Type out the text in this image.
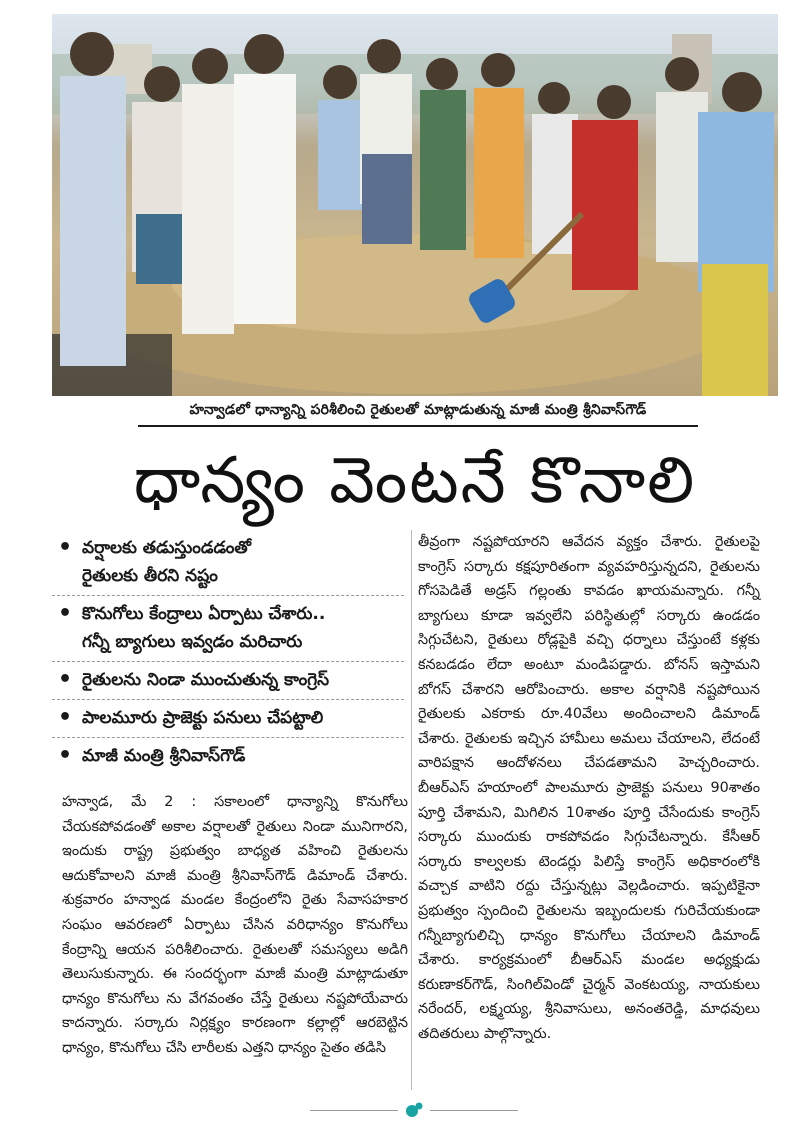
హన్వాడలో ధాన్యాన్ని పరిశీలించి రైతులతో మాట్లాడుతున్న మాజీ మంత్రి శ్రీనివాస్‌గౌడ్
ధాన్యం వెంటనే కొనాలి
• వర్షాలకు తడుస్తుండడంతో
రైతులకు తీరని నష్టం
• కొనుగోలు కేంద్రాలు ఏర్పాటు చేశారు..
గన్నీ బ్యాగులు ఇవ్వడం మరిచారు
• రైతులను నిండా ముంచుతున్న కాంగ్రెస్
• పాలమూరు ప్రాజెక్టు పనులు చేపట్టాలి
• మాజీ మంత్రి శ్రీనివాస్‌గౌడ్
హన్వాడ, మే 2 : సకాలంలో ధాన్యాన్ని కొనుగోలు చేయకపోవడంతో అకాల వర్షాలతో రైతులు నిండా మునిగారని, ఇందుకు రాష్ట్ర ప్రభుత్వం బాధ్యత వహించి రైతులను ఆదుకోవాలని మాజీ మంత్రి శ్రీనివాస్‌గౌడ్ డిమాండ్ చేశారు. శుక్రవారం హన్వాడ మండల కేంద్రంలోని రైతు సేవాసహకార సంఘం ఆవరణలో ఏర్పాటు చేసిన వరిధాన్యం కొనుగోలు కేంద్రాన్ని ఆయన పరిశీలించారు. రైతులతో సమస్యలు అడిగి తెలుసుకున్నారు. ఈ సందర్భంగా మాజీ మంత్రి మాట్లాడుతూ ధాన్యం కొనుగోలు ను వేగవంతం చేస్తే రైతులు నష్టపోయేవారు కాదన్నారు. సర్కారు నిర్లక్ష్యం కారణంగా కల్లాల్లో ఆరబెట్టిన ధాన్యం, కొనుగోలు చేసి లారీలకు ఎత్తని ధాన్యం సైతం తడిసి
తీవ్రంగా నష్టపోయారని ఆవేదన వ్యక్తం చేశారు. రైతులపై కాంగ్రెస్ సర్కారు కక్షపూరితంగా వ్యవహరిస్తున్నదని, రైతులను గోసపెడితే అడ్రస్ గల్లంతు కావడం ఖాయమన్నారు. గన్నీ బ్యాగులు కూడా ఇవ్వలేని పరిస్థితుల్లో సర్కారు ఉండడం సిగ్గుచేటని, రైతులు రోడ్లపైకి వచ్చి ధర్నాలు చేస్తుంటే కళ్లకు కనబడడం లేదా అంటూ మండిపడ్డారు. బోనస్ ఇస్తామని బోగస్ చేశారని ఆరోపించారు. అకాల వర్షానికి నష్టపోయిన రైతులకు ఎకరాకు రూ.40వేలు అందించాలని డిమాండ్ చేశారు. రైతులకు ఇచ్చిన హామీలు అమలు చేయాలని, లేదంటే వారిపక్షాన ఆందోళనలు చేపడతామని హెచ్చరించారు. బీఆర్ఎస్ హయాంలో పాలమూరు ప్రాజెక్టు పనులు 90శాతం పూర్తి చేశామని, మిగిలిన 10శాతం పూర్తి చేసేందుకు కాంగ్రెస్ సర్కారు ముందుకు రాకపోవడం సిగ్గుచేటన్నారు. కేసీఆర్ సర్కారు కాల్వలకు టెండర్లు పిలిస్తే కాంగ్రెస్ అధికారంలోకి వచ్చాక వాటిని రద్దు చేస్తున్నట్లు వెల్లడించారు. ఇప్పటికైనా ప్రభుత్వం స్పందించి రైతులను ఇబ్బందులకు గురిచేయకుండా గన్నీబ్యాగులిచ్చి ధాన్యం కొనుగోలు చేయాలని డిమాండ్ చేశారు. కార్యక్రమంలో బీఆర్ఎస్ మండల అధ్యక్షుడు కరుణాకర్‌గౌడ్, సింగిల్‌విండో చైర్మన్ వెంకటయ్య, నాయకులు నరేందర్, లక్ష్మయ్య, శ్రీనివాసులు, అనంతరెడ్డి, మాధవులు తదితరులు పాల్గొన్నారు.
